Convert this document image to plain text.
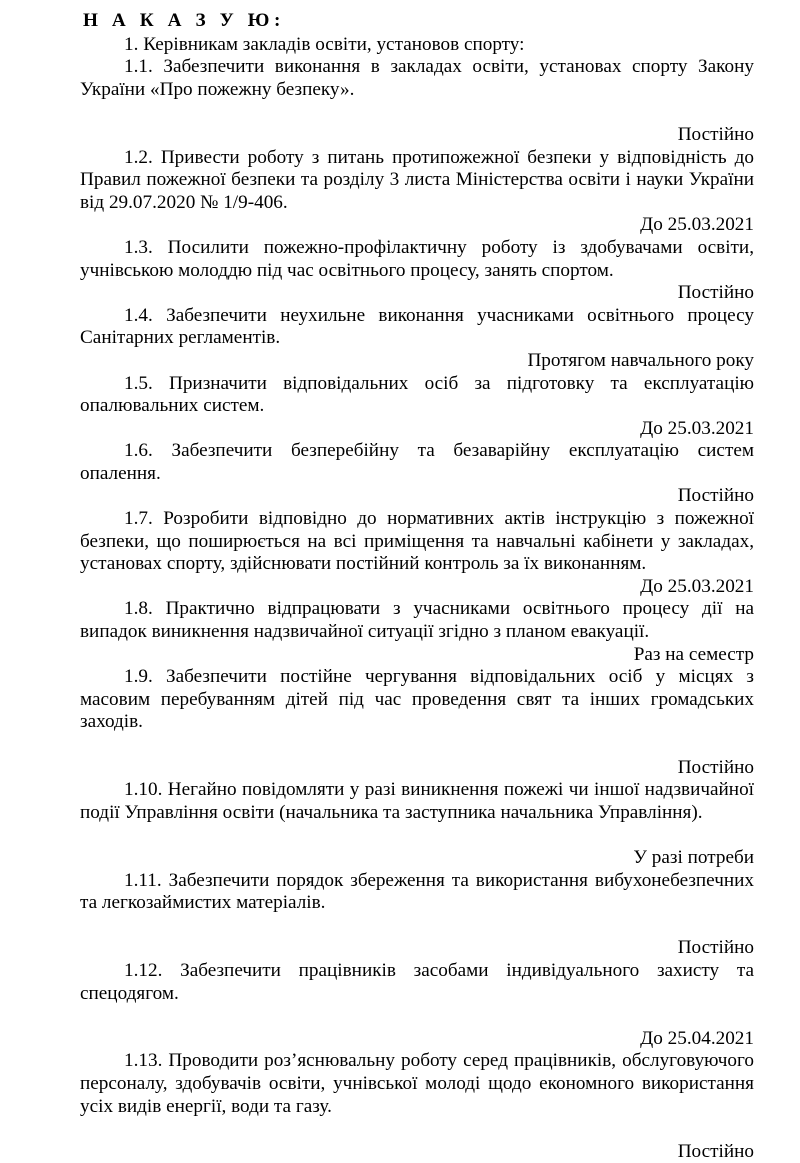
Н А К А З У Ю:

1. Керівникам закладів освіти, установов спорту:

1.1. Забезпечити виконання в закладах освіти, установах спорту Закону України «Про пожежну безпеку».

Постійно

1.2. Привести роботу з питань протипожежної безпеки у відповідність до Правил пожежної безпеки та розділу 3 листа Міністерства освіти і науки України від 29.07.2020 № 1/9-406.

До 25.03.2021

1.3. Посилити пожежно-профілактичну роботу із здобувачами освіти, учнівською молоддю під час освітнього процесу, занять спортом.

Постійно

1.4. Забезпечити неухильне виконання учасниками освітнього процесу Санітарних регламентів.

Протягом навчального року

1.5. Призначити відповідальних осіб за підготовку та експлуатацію опалювальних систем.

До 25.03.2021

1.6. Забезпечити безперебійну та безаварійну експлуатацію систем опалення.

Постійно

1.7. Розробити відповідно до нормативних актів інструкцію з пожежної безпеки, що поширюється на всі приміщення та навчальні кабінети у закладах, установах спорту, здійснювати постійний контроль за їх виконанням.

До 25.03.2021

1.8. Практично відпрацювати з учасниками освітнього процесу дії на випадок виникнення надзвичайної ситуації згідно з планом евакуації.

Раз на семестр

1.9. Забезпечити постійне чергування відповідальних осіб у місцях з масовим перебуванням дітей під час проведення свят та інших громадських заходів.

Постійно

1.10. Негайно повідомляти у разі виникнення пожежі чи іншої надзвичайної події Управління освіти (начальника та заступника начальника Управління).

У разі потреби

1.11. Забезпечити порядок збереження та використання вибухонебезпечних та легкозаймистих матеріалів.

Постійно

1.12. Забезпечити працівників засобами індивідуального захисту та спецодягом.

До 25.04.2021

1.13. Проводити роз’яснювальну роботу серед працівників, обслуговуючого персоналу, здобувачів освіти, учнівської молоді щодо економного використання усіх видів енергії, води та газу.

Постійно
